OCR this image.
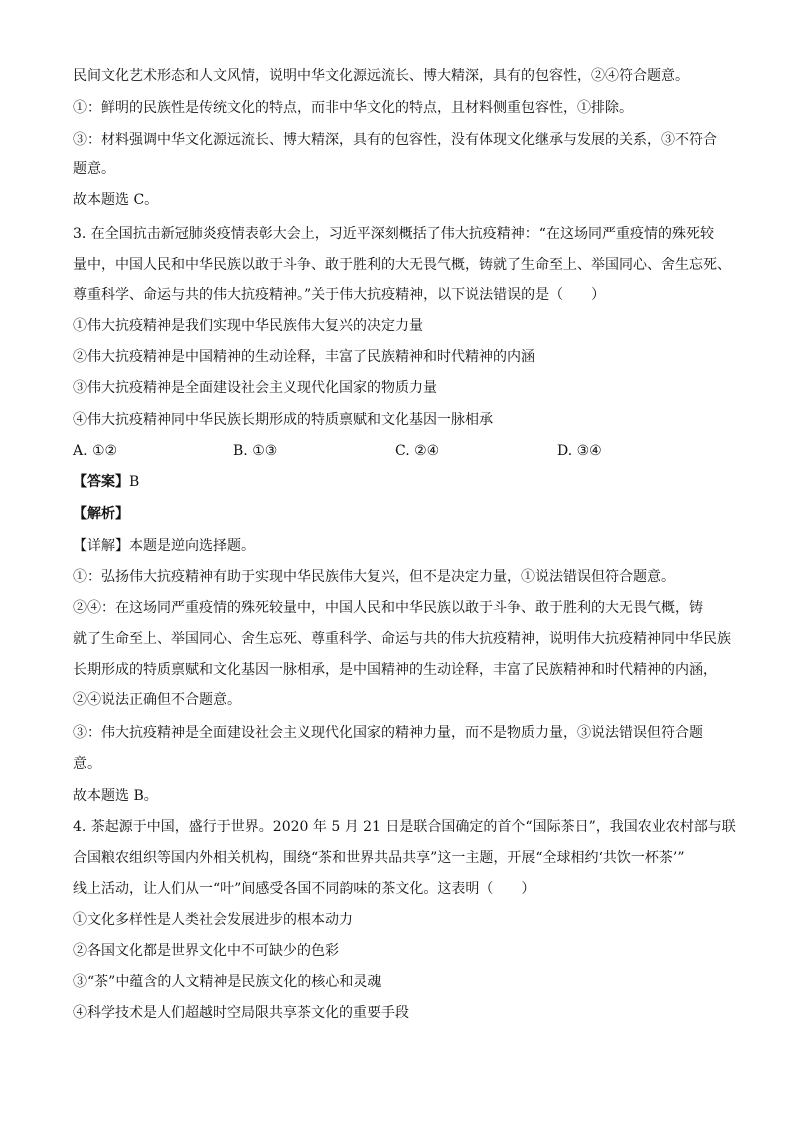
民间文化艺术形态和人文风情，说明中华文化源远流长、博大精深，具有的包容性，②④符合题意。
①：鲜明的民族性是传统文化的特点，而非中华文化的特点，且材料侧重包容性，①排除。
③：材料强调中华文化源远流长、博大精深，具有的包容性，没有体现文化继承与发展的关系，③不符合
题意。
故本题选 C。
3. 在全国抗击新冠肺炎疫情表彰大会上，习近平深刻概括了伟大抗疫精神：“在这场同严重疫情的殊死较
量中，中国人民和中华民族以敢于斗争、敢于胜利的大无畏气概，铸就了生命至上、举国同心、舍生忘死、
尊重科学、命运与共的伟大抗疫精神。”关于伟大抗疫精神，以下说法错误的是（　　）
①伟大抗疫精神是我们实现中华民族伟大复兴的决定力量
②伟大抗疫精神是中国精神的生动诠释，丰富了民族精神和时代精神的内涵
③伟大抗疫精神是全面建设社会主义现代化国家的物质力量
④伟大抗疫精神同中华民族长期形成的特质禀赋和文化基因一脉相承
A. ①②	B. ①③	C. ②④	D. ③④
【答案】B
【解析】
【详解】本题是逆向选择题。
①：弘扬伟大抗疫精神有助于实现中华民族伟大复兴，但不是决定力量，①说法错误但符合题意。
②④：在这场同严重疫情的殊死较量中，中国人民和中华民族以敢于斗争、敢于胜利的大无畏气概，铸
就了生命至上、举国同心、舍生忘死、尊重科学、命运与共的伟大抗疫精神，说明伟大抗疫精神同中华民族
长期形成的特质禀赋和文化基因一脉相承，是中国精神的生动诠释，丰富了民族精神和时代精神的内涵，
②④说法正确但不合题意。
③：伟大抗疫精神是全面建设社会主义现代化国家的精神力量，而不是物质力量，③说法错误但符合题
意。
故本题选 B。
4. 茶起源于中国，盛行于世界。2020 年 5 月 21 日是联合国确定的首个“国际茶日”，我国农业农村部与联
合国粮农组织等国内外相关机构，围绕“茶和世界共品共享”这一主题，开展“全球相约‘共饮一杯茶’”
线上活动，让人们从一“叶”间感受各国不同韵味的茶文化。这表明（　　）
①文化多样性是人类社会发展进步的根本动力
②各国文化都是世界文化中不可缺少的色彩
③“茶”中蕴含的人文精神是民族文化的核心和灵魂
④科学技术是人们超越时空局限共享茶文化的重要手段
